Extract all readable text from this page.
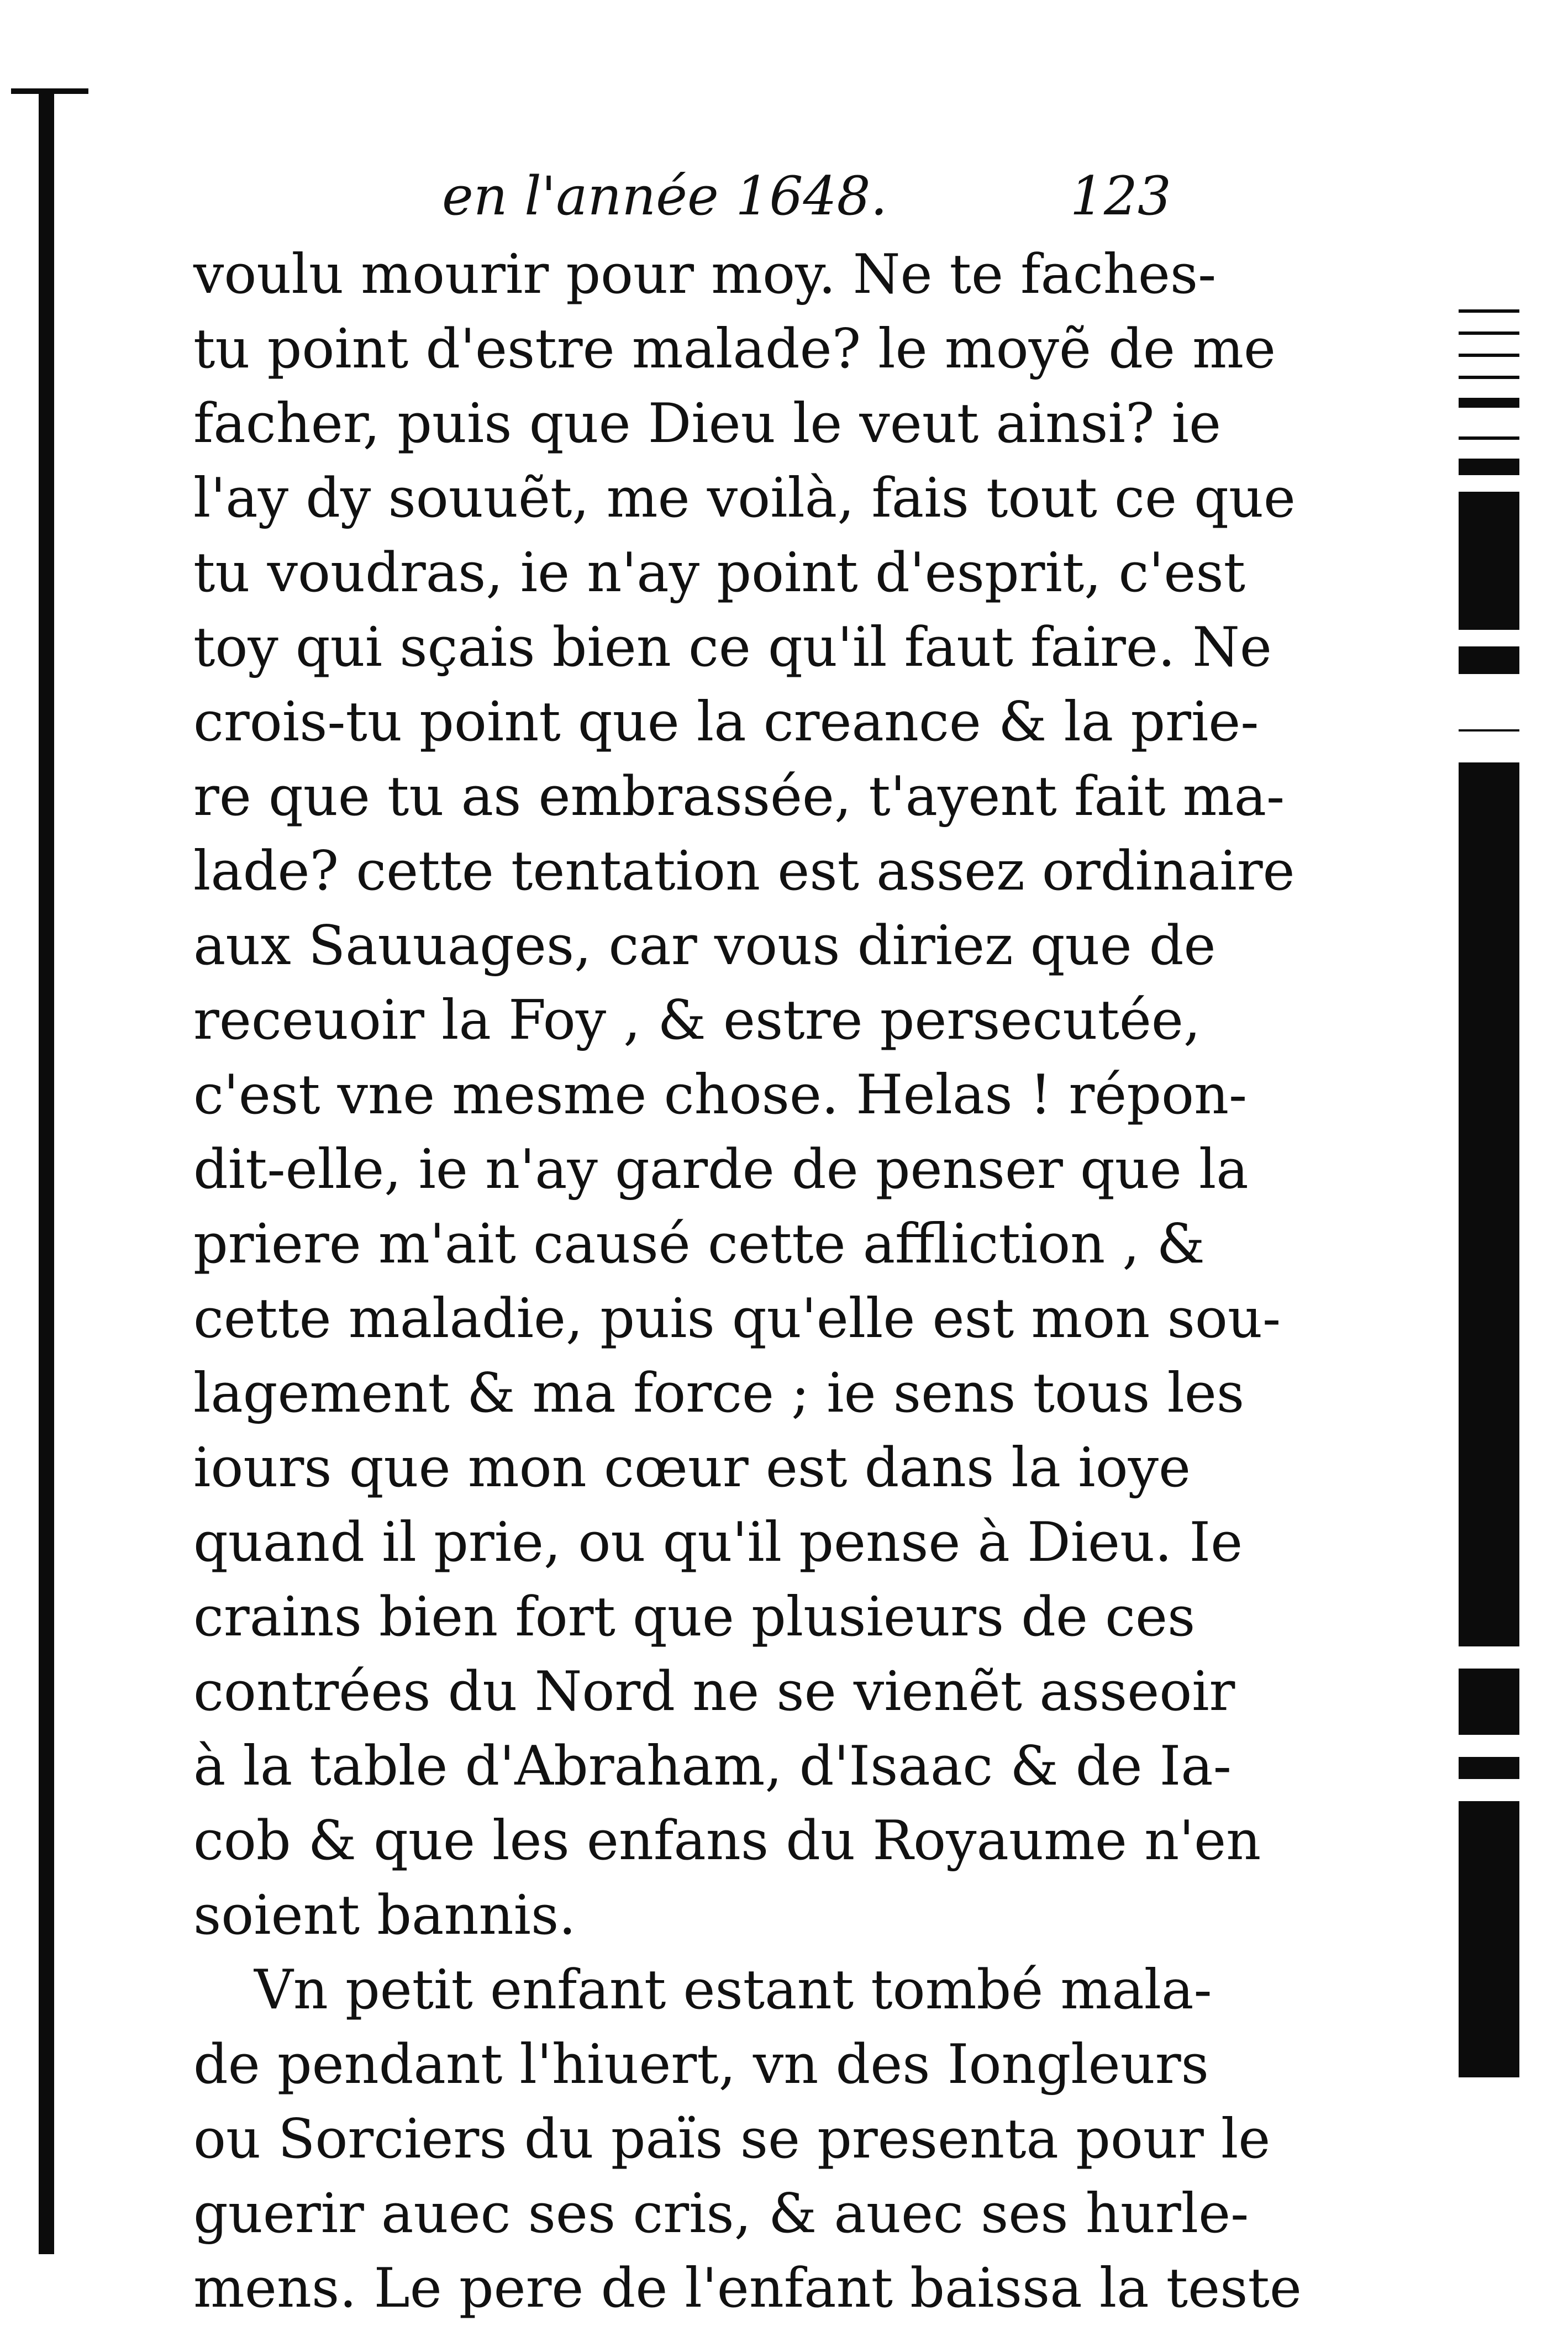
en l'année 1648.	123
voulu mourir pour moy. Ne te faches-
tu point d'estre malade? le moyẽ de me
facher, puis que Dieu le veut ainsi? ie
l'ay dy souuẽt, me voilà, fais tout ce que
tu voudras, ie n'ay point d'esprit, c'est
toy qui sçais bien ce qu'il faut faire. Ne
crois-tu point que la creance & la prie-
re que tu as embrassée, t'ayent fait ma-
lade? cette tentation est assez ordinaire
aux Sauuages, car vous diriez que de
receuoir la Foy , & estre persecutée,
c'est vne mesme chose. Helas ! répon-
dit-elle, ie n'ay garde de penser que la
priere m'ait causé cette affliction , &
cette maladie, puis qu'elle est mon sou-
lagement & ma force ; ie sens tous les
iours que mon cœur est dans la ioye
quand il prie, ou qu'il pense à Dieu. Ie
crains bien fort que plusieurs de ces
contrées du Nord ne se vienẽt asseoir
à la table d'Abraham, d'Isaac & de Ia-
cob & que les enfans du Royaume n'en
soient bannis.
Vn petit enfant estant tombé mala-
de pendant l'hiuert, vn des Iongleurs
ou Sorciers du païs se presenta pour le
guerir auec ses cris, & auec ses hurle-
mens. Le pere de l'enfant baissa la teste
